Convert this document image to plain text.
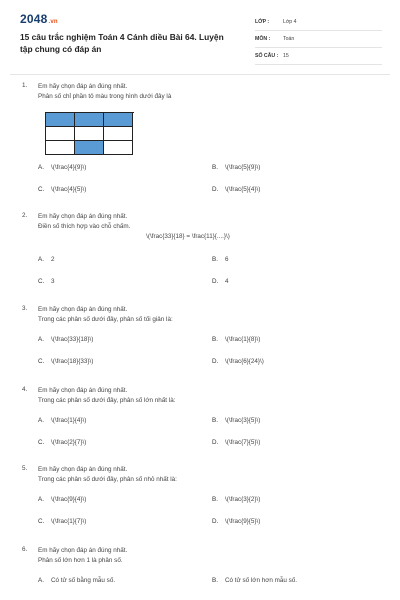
2048.vn
15 câu trắc nghiệm Toán 4 Cánh diều Bài 64. Luyện tập chung có đáp án
LỚP :	Lớp 4
MÔN :	Toán
SỐ CÂU : 15
1. Em hãy chọn đáp án đúng nhất.
Phân số chỉ phần tô màu trong hình dưới đây là
A. \(\frac{4}{9}\)	B. \(\frac{5}{9}\)
C. \(\frac{4}{5}\)	D. \(\frac{5}{4}\)
2. Em hãy chọn đáp án đúng nhất.
Điền số thích hợp vào chỗ chấm.
\(\frac{33}{18} = \frac{11}{....}\)
A. 2	B. 6
C. 3	D. 4
3. Em hãy chọn đáp án đúng nhất.
Trong các phân số dưới đây, phân số tối giản là:
A. \(\frac{33}{18}\)	B. \(\frac{1}{8}\)
C. \(\frac{18}{33}\)	D. \(\frac{6}{24}\)
4. Em hãy chọn đáp án đúng nhất.
Trong các phân số dưới đây, phân số lớn nhất là:
A. \(\frac{1}{4}\)	B. \(\frac{3}{5}\)
C. \(\frac{2}{7}\)	D. \(\frac{7}{5}\)
5. Em hãy chọn đáp án đúng nhất.
Trong các phân số dưới đây, phân số nhỏ nhất là:
A. \(\frac{9}{4}\)	B. \(\frac{3}{2}\)
C. \(\frac{1}{7}\)	D. \(\frac{9}{5}\)
6. Em hãy chọn đáp án đúng nhất.
Phân số lớn hơn 1 là phân số.
A. Có tử số bằng mẫu số.	B. Có tử số lớn hơn mẫu số.
